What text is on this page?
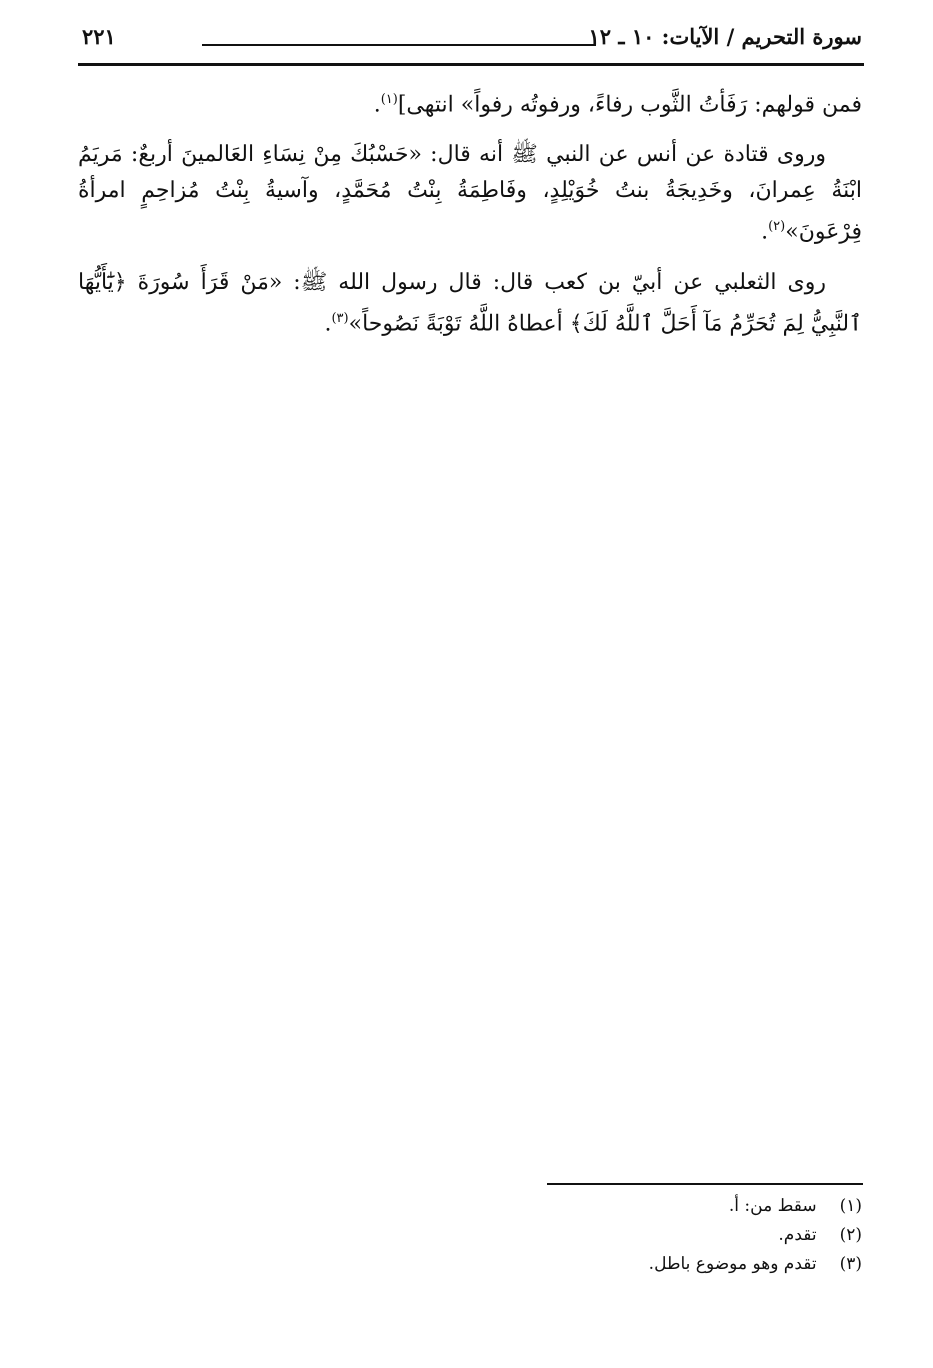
سورة التحريم / الآيات: ١٠ ـ ١٢
٢٢١

فمن قولهم: رَفَأتُ الثَّوب رفاءً، ورفوتُه رفواً» انتهى]$^{(١)}$.

وروى قتادة عن أنس عن النبي ﷺ أنه قال: «حَسْبُكَ مِنْ نِسَاءِ العَالمينَ أربعٌ: مَريَمُ ابْنَةُ عِمرانَ، وخَدِيجَةُ بنتُ خُوَيْلِدٍ، وفَاطِمَةُ بِنْتُ مُحَمَّدٍ، وآسيةُ بِنْتُ مُزاحِمٍ امرأةُ فِرْعَونَ»$^{(٢)}$.

روى الثعلبي عن أبيّ بن كعب قال: قال رسول الله ﷺ: «مَنْ قَرَأَ سُورَةَ ﴿يَٰٓأَيُّهَا ٱلنَّبِيُّ لِمَ تُحَرِّمُ مَآ أَحَلَّ ٱللَّهُ لَكَ﴾ أعطاهُ اللَّهُ تَوْبَةً نَصُوحاً»$^{(٣)}$.

(١) سقط من: أ.

(٢) تقدم.

(٣) تقدم وهو موضوع باطل.
